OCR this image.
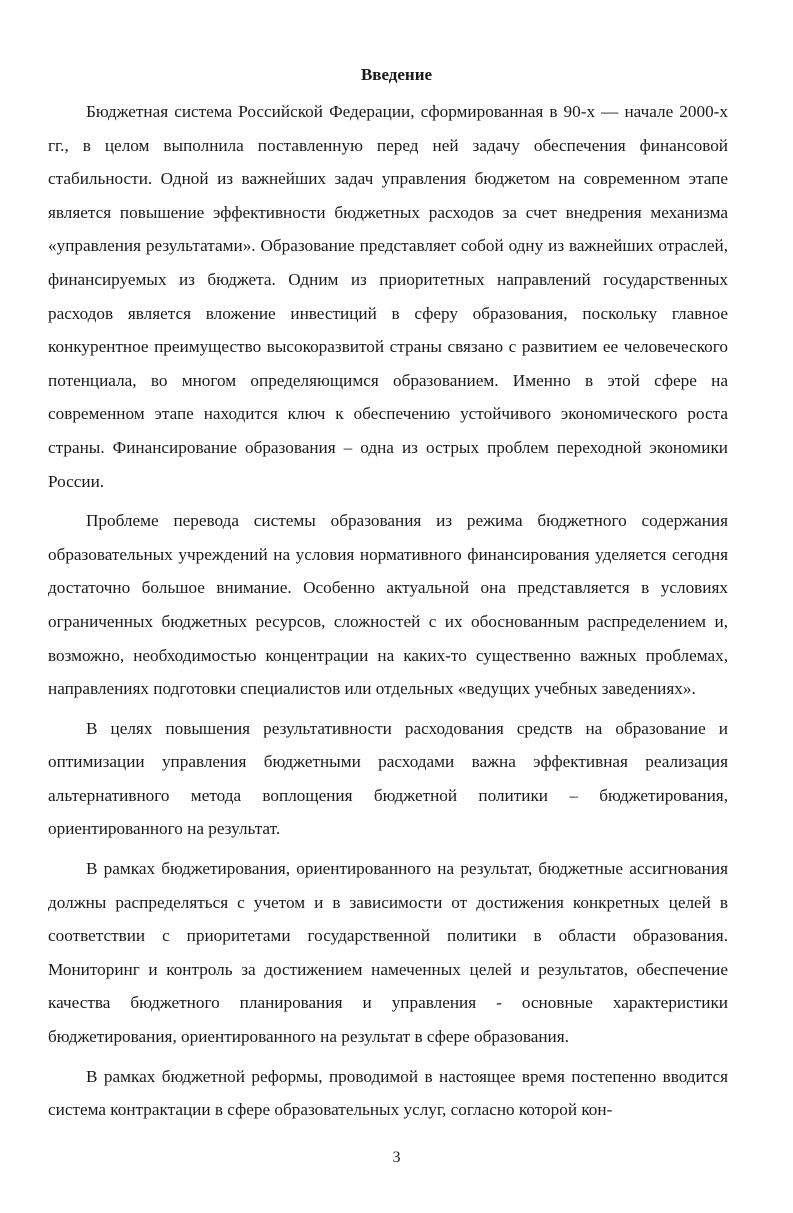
Введение

Бюджетная система Российской Федерации, сформированная в 90-х — начале 2000-х гг., в целом выполнила поставленную перед ней задачу обеспечения финансовой стабильности. Одной из важнейших задач управления бюджетом на современном этапе является повышение эффективности бюджетных расходов за счет внедрения механизма «управления результатами». Образование представляет собой одну из важнейших отраслей, финансируемых из бюджета. Одним из приоритетных направлений государственных расходов является вложение инвестиций в сферу образования, поскольку главное конкурентное преимущество высокоразвитой страны связано с развитием ее человеческого потенциала, во многом определяющимся образованием. Именно в этой сфере на современном этапе находится ключ к обеспечению устойчивого экономического роста страны. Финансирование образования – одна из острых проблем переходной экономики России.

Проблеме перевода системы образования из режима бюджетного содержания образовательных учреждений на условия нормативного финансирования уделяется сегодня достаточно большое внимание. Особенно актуальной она представляется в условиях ограниченных бюджетных ресурсов, сложностей с их обоснованным распределением и, возможно, необходимостью концентрации на каких-то существенно важных проблемах, направлениях подготовки специалистов или отдельных «ведущих учебных заведениях».

В целях повышения результативности расходования средств на образование и оптимизации управления бюджетными расходами важна эффективная реализация альтернативного метода воплощения бюджетной политики – бюджетирования, ориентированного на результат.

В рамках бюджетирования, ориентированного на результат, бюджетные ассигнования должны распределяться с учетом и в зависимости от достижения конкретных целей в соответствии с приоритетами государственной политики в области образования. Мониторинг и контроль за достижением намеченных целей и результатов, обеспечение качества бюджетного планирования и управления - основные характеристики бюджетирования, ориентированного на результат в сфере образования.

В рамках бюджетной реформы, проводимой в настоящее время постепенно вводится система контрактации в сфере образовательных услуг, согласно которой кон-

3
